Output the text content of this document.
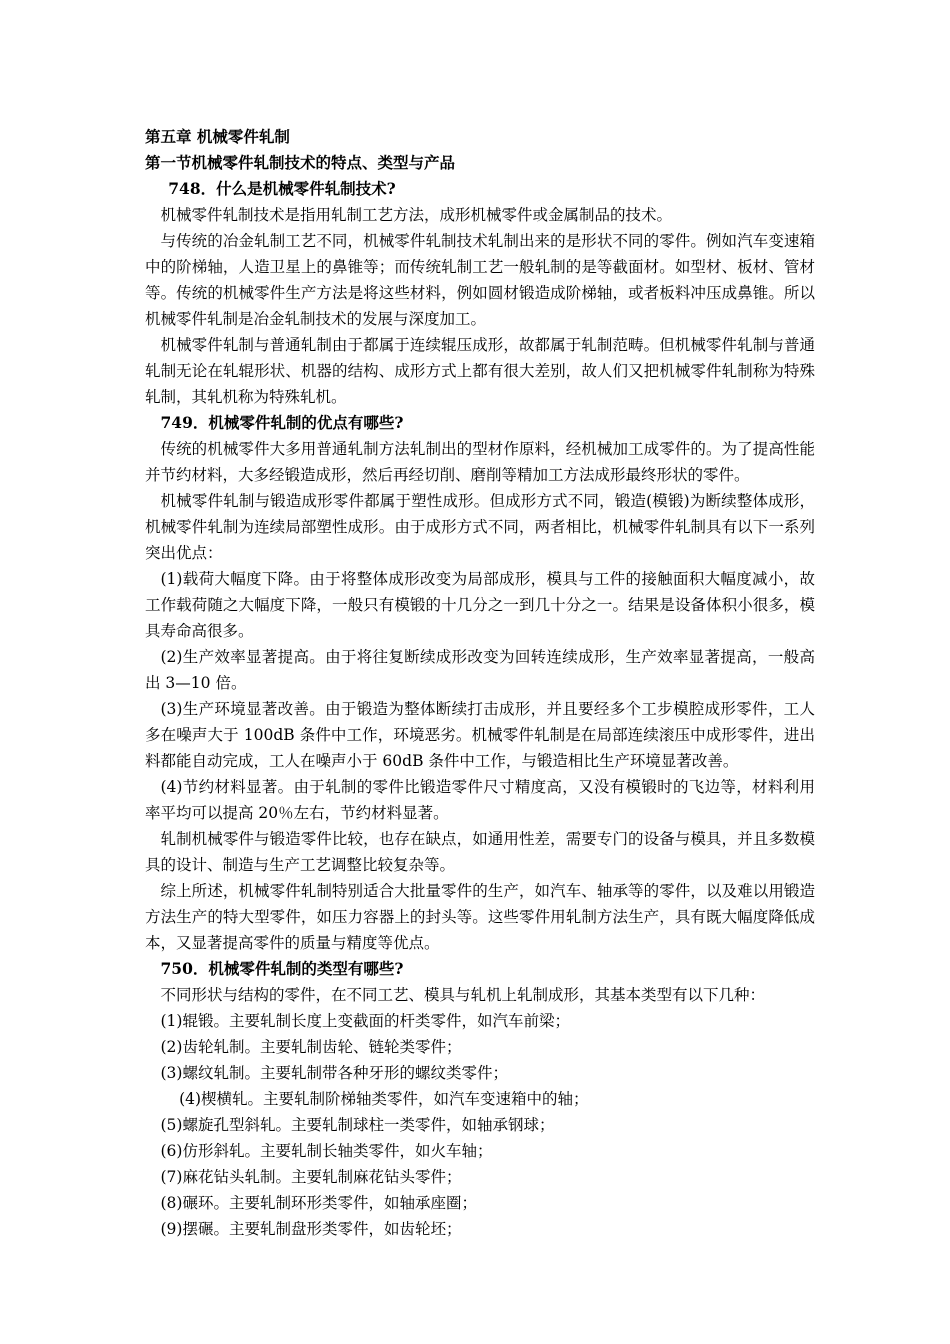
第五章 机械零件轧制

第一节机械零件轧制技术的特点、类型与产品

748．什么是机械零件轧制技术?

机械零件轧制技术是指用轧制工艺方法，成形机械零件或金属制品的技术。

与传统的冶金轧制工艺不同，机械零件轧制技术轧制出来的是形状不同的零件。例如汽车变速箱中的阶梯轴，人造卫星上的鼻锥等；而传统轧制工艺一般轧制的是等截面材。如型材、板材、管材等。传统的机械零件生产方法是将这些材料，例如圆材锻造成阶梯轴，或者板料冲压成鼻锥。所以机械零件轧制是冶金轧制技术的发展与深度加工。

机械零件轧制与普通轧制由于都属于连续辊压成形，故都属于轧制范畴。但机械零件轧制与普通轧制无论在轧辊形状、机器的结构、成形方式上都有很大差别，故人们又把机械零件轧制称为特殊轧制，其轧机称为特殊轧机。

749．机械零件轧制的优点有哪些?

传统的机械零件大多用普通轧制方法轧制出的型材作原料，经机械加工成零件的。为了提高性能并节约材料，大多经锻造成形，然后再经切削、磨削等精加工方法成形最终形状的零件。

机械零件轧制与锻造成形零件都属于塑性成形。但成形方式不同，锻造(模锻)为断续整体成形，机械零件轧制为连续局部塑性成形。由于成形方式不同，两者相比，机械零件轧制具有以下一系列突出优点：

(1)载荷大幅度下降。由于将整体成形改变为局部成形，模具与工件的接触面积大幅度减小，故工作载荷随之大幅度下降，一般只有模锻的十几分之一到几十分之一。结果是设备体积小很多，模具寿命高很多。

(2)生产效率显著提高。由于将往复断续成形改变为回转连续成形，生产效率显著提高，一般高出 3—10 倍。

(3)生产环境显著改善。由于锻造为整体断续打击成形，并且要经多个工步模腔成形零件，工人多在噪声大于 100dB 条件中工作，环境恶劣。机械零件轧制是在局部连续滚压中成形零件，进出料都能自动完成，工人在噪声小于 60dB 条件中工作，与锻造相比生产环境显著改善。

(4)节约材料显著。由于轧制的零件比锻造零件尺寸精度高，又没有模锻时的飞边等，材料利用率平均可以提高 20％左右，节约材料显著。

轧制机械零件与锻造零件比较，也存在缺点，如通用性差，需要专门的设备与模具，并且多数模具的设计、制造与生产工艺调整比较复杂等。

综上所述，机械零件轧制特别适合大批量零件的生产，如汽车、轴承等的零件，以及难以用锻造方法生产的特大型零件，如压力容器上的封头等。这些零件用轧制方法生产，具有既大幅度降低成本，又显著提高零件的质量与精度等优点。

750．机械零件轧制的类型有哪些?

不同形状与结构的零件，在不同工艺、模具与轧机上轧制成形，其基本类型有以下几种：

(1)辊锻。主要轧制长度上变截面的杆类零件，如汽车前梁；

(2)齿轮轧制。主要轧制齿轮、链轮类零件；

(3)螺纹轧制。主要轧制带各种牙形的螺纹类零件；

(4)楔横轧。主要轧制阶梯轴类零件，如汽车变速箱中的轴；

(5)螺旋孔型斜轧。主要轧制球柱一类零件，如轴承钢球；

(6)仿形斜轧。主要轧制长轴类零件，如火车轴；

(7)麻花钻头轧制。主要轧制麻花钻头零件；

(8)碾环。主要轧制环形类零件，如轴承座圈；

(9)摆碾。主要轧制盘形类零件，如齿轮坯；
